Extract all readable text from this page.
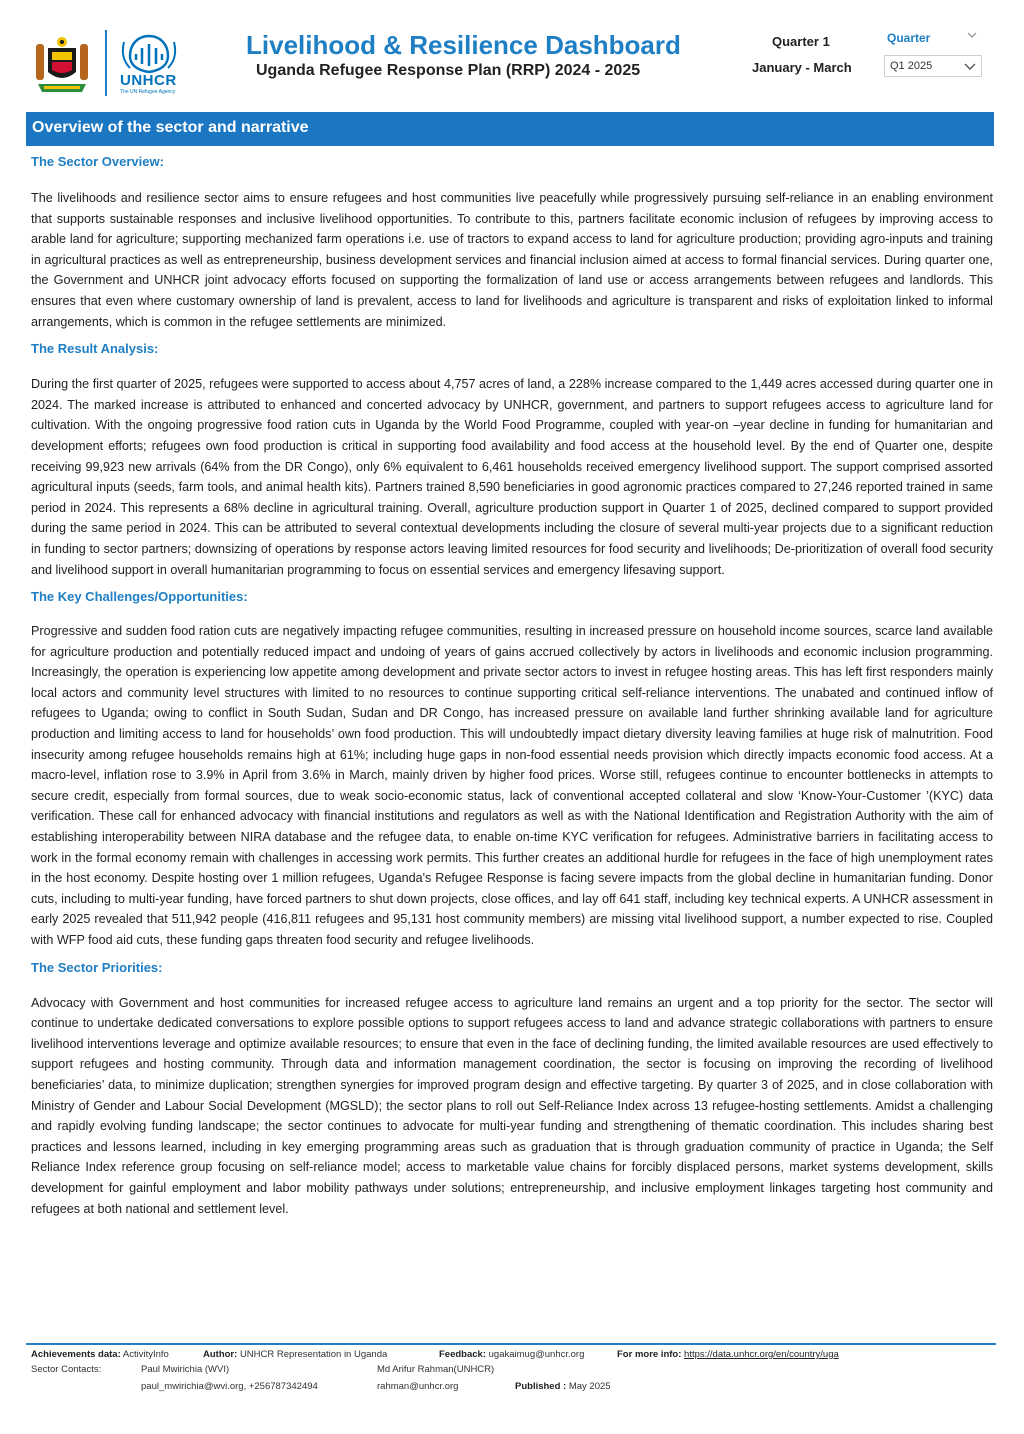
UNHCR
The UN Refugee Agency
Livelihood & Resilience Dashboard
Uganda Refugee Response Plan (RRP) 2024 - 2025
Quarter 1
January - March
Quarter
Q1 2025
Overview of the sector and narrative

The Sector Overview:

The livelihoods and resilience sector aims to ensure refugees and host communities live peacefully while progressively pursuing self-reliance in an enabling environment that supports sustainable responses and inclusive livelihood opportunities. To contribute to this, partners facilitate economic inclusion of refugees by improving access to arable land for agriculture; supporting mechanized farm operations i.e. use of tractors to expand access to land for agriculture production; providing agro-inputs and training in agricultural practices as well as entrepreneurship, business development services and financial inclusion aimed at access to formal financial services. During quarter one, the Government and UNHCR joint advocacy efforts focused on supporting the formalization of land use or access arrangements between refugees and landlords. This ensures that even where customary ownership of land is prevalent, access to land for livelihoods and agriculture is transparent and risks of exploitation linked to informal arrangements, which is common in the refugee settlements are minimized.

The Result Analysis:

During the first quarter of 2025, refugees were supported to access about 4,757 acres of land, a 228% increase compared to the 1,449 acres accessed during quarter one in 2024. The marked increase is attributed to enhanced and concerted advocacy by UNHCR, government, and partners to support refugees access to agriculture land for cultivation. With the ongoing progressive food ration cuts in Uganda by the World Food Programme, coupled with year-on –year decline in funding for humanitarian and development efforts; refugees own food production is critical in supporting food availability and food access at the household level. By the end of Quarter one, despite receiving 99,923 new arrivals (64% from the DR Congo), only 6% equivalent to 6,461 households received emergency livelihood support. The support comprised assorted agricultural inputs (seeds, farm tools, and animal health kits). Partners trained 8,590 beneficiaries in good agronomic practices compared to 27,246 reported trained in same period in 2024. This represents a 68% decline in agricultural training. Overall, agriculture production support in Quarter 1 of 2025, declined compared to support provided during the same period in 2024. This can be attributed to several contextual developments including the closure of several multi-year projects due to a significant reduction in funding to sector partners; downsizing of operations by response actors leaving limited resources for food security and livelihoods; De-prioritization of overall food security and livelihood support in overall humanitarian programming to focus on essential services and emergency lifesaving support.

The Key Challenges/Opportunities:

Progressive and sudden food ration cuts are negatively impacting refugee communities, resulting in increased pressure on household income sources, scarce land available for agriculture production and potentially reduced impact and undoing of years of gains accrued collectively by actors in livelihoods and economic inclusion programming. Increasingly, the operation is experiencing low appetite among development and private sector actors to invest in refugee hosting areas. This has left first responders mainly local actors and community level structures with limited to no resources to continue supporting critical self-reliance interventions. The unabated and continued inflow of refugees to Uganda; owing to conflict in South Sudan, Sudan and DR Congo, has increased pressure on available land further shrinking available land for agriculture production and limiting access to land for households’ own food production. This will undoubtedly impact dietary diversity leaving families at huge risk of malnutrition. Food insecurity among refugee households remains high at 61%; including huge gaps in non-food essential needs provision which directly impacts economic food access. At a macro-level, inflation rose to 3.9% in April from 3.6% in March, mainly driven by higher food prices. Worse still, refugees continue to encounter bottlenecks in attempts to secure credit, especially from formal sources, due to weak socio-economic status, lack of conventional accepted collateral and slow ‘Know-Your-Customer ’(KYC) data verification. These call for enhanced advocacy with financial institutions and regulators as well as with the National Identification and Registration Authority with the aim of establishing interoperability between NIRA database and the refugee data, to enable on-time KYC verification for refugees. Administrative barriers in facilitating access to work in the formal economy remain with challenges in accessing work permits. This further creates an additional hurdle for refugees in the face of high unemployment rates in the host economy. Despite hosting over 1 million refugees, Uganda's Refugee Response is facing severe impacts from the global decline in humanitarian funding. Donor cuts, including to multi-year funding, have forced partners to shut down projects, close offices, and lay off 641 staff, including key technical experts. A UNHCR assessment in early 2025 revealed that 511,942 people (416,811 refugees and 95,131 host community members) are missing vital livelihood support, a number expected to rise. Coupled with WFP food aid cuts, these funding gaps threaten food security and refugee livelihoods.

The Sector Priorities:

Advocacy with Government and host communities for increased refugee access to agriculture land remains an urgent and a top priority for the sector. The sector will continue to undertake dedicated conversations to explore possible options to support refugees access to land and advance strategic collaborations with partners to ensure livelihood interventions leverage and optimize available resources; to ensure that even in the face of declining funding, the limited available resources are used effectively to support refugees and hosting community. Through data and information management coordination, the sector is focusing on improving the recording of livelihood beneficiaries’ data, to minimize duplication; strengthen synergies for improved program design and effective targeting. By quarter 3 of 2025, and in close collaboration with Ministry of Gender and Labour Social Development (MGSLD); the sector plans to roll out Self-Reliance Index across 13 refugee-hosting settlements. Amidst a challenging and rapidly evolving funding landscape; the sector continues to advocate for multi-year funding and strengthening of thematic coordination. This includes sharing best practices and lessons learned, including in key emerging programming areas such as graduation that is through graduation community of practice in Uganda; the Self Reliance Index reference group focusing on self-reliance model; access to marketable value chains for forcibly displaced persons, market systems development, skills development for gainful employment and labor mobility pathways under solutions; entrepreneurship, and inclusive employment linkages targeting host community and refugees at both national and settlement level.

Achievements data: ActivityInfo	Author: UNHCR Representation in Uganda	Feedback: ugakaimug@unhcr.org	For more info: https://data.unhcr.org/en/country/uga
Sector Contacts:	Paul Mwirichia (WVI)	Md Arifur Rahman(UNHCR)
paul_mwirichia@wvi.org, +256787342494	rahman@unhcr.org	Published : May 2025
